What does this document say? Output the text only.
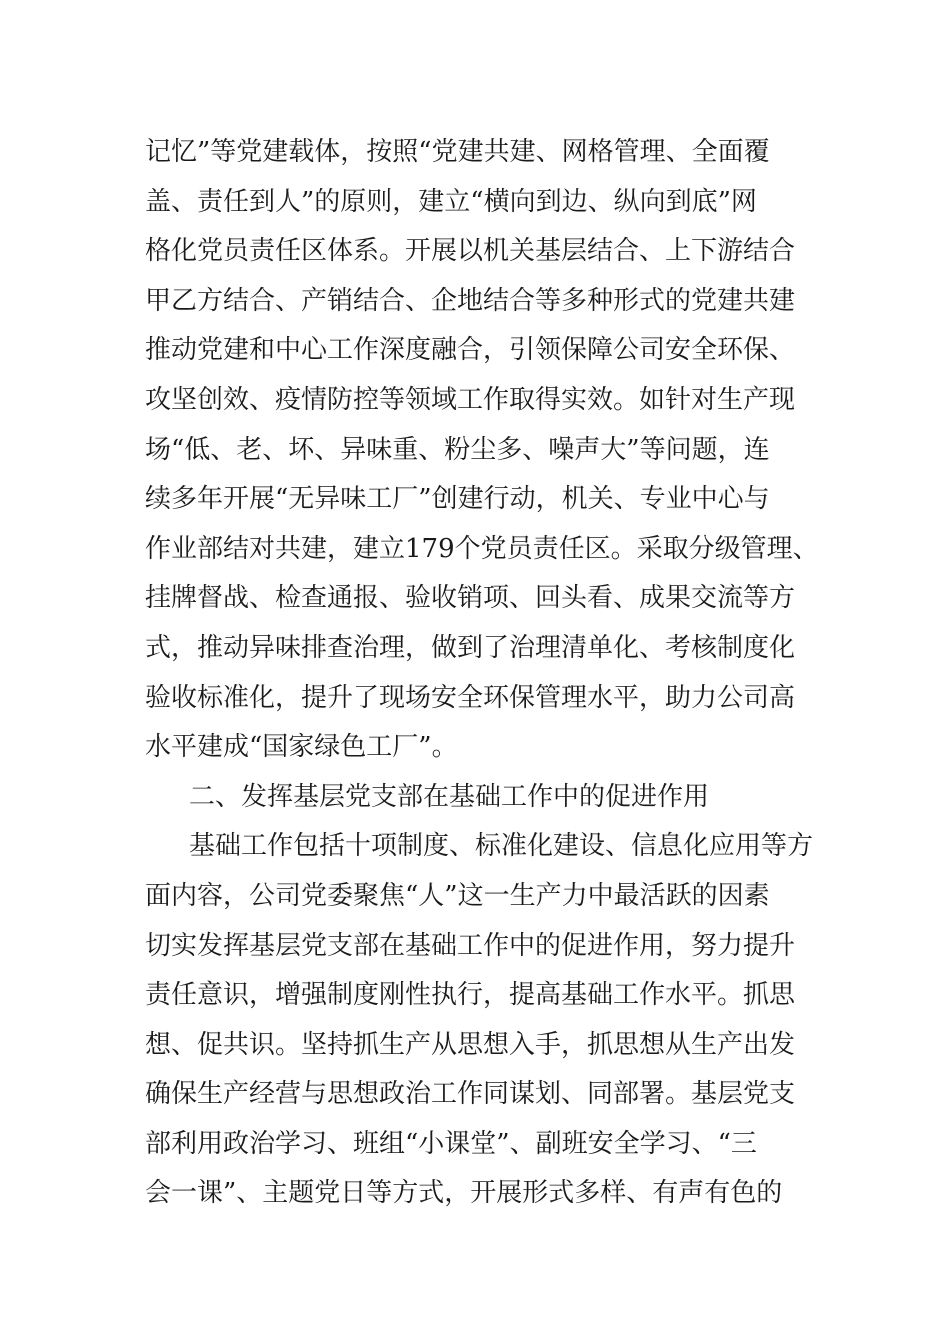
记忆”等党建载体，按照“党建共建、网格管理、全面覆
盖、责任到人”的原则，建立“横向到边、纵向到底”网
格化党员责任区体系。开展以机关基层结合、上下游结合
甲乙方结合、产销结合、企地结合等多种形式的党建共建
推动党建和中心工作深度融合，引领保障公司安全环保、
攻坚创效、疫情防控等领域工作取得实效。如针对生产现
场“低、老、坏、异味重、粉尘多、噪声大”等问题，连
续多年开展“无异味工厂”创建行动，机关、专业中心与
作业部结对共建，建立179个党员责任区。采取分级管理、
挂牌督战、检查通报、验收销项、回头看、成果交流等方
式，推动异味排查治理，做到了治理清单化、考核制度化
验收标准化，提升了现场安全环保管理水平，助力公司高
水平建成“国家绿色工厂”。
二、发挥基层党支部在基础工作中的促进作用
基础工作包括十项制度、标准化建设、信息化应用等方
面内容，公司党委聚焦“人”这一生产力中最活跃的因素
切实发挥基层党支部在基础工作中的促进作用，努力提升
责任意识，增强制度刚性执行，提高基础工作水平。抓思
想、促共识。坚持抓生产从思想入手，抓思想从生产出发
确保生产经营与思想政治工作同谋划、同部署。基层党支
部利用政治学习、班组“小课堂”、副班安全学习、“三
会一课”、主题党日等方式，开展形式多样、有声有色的
